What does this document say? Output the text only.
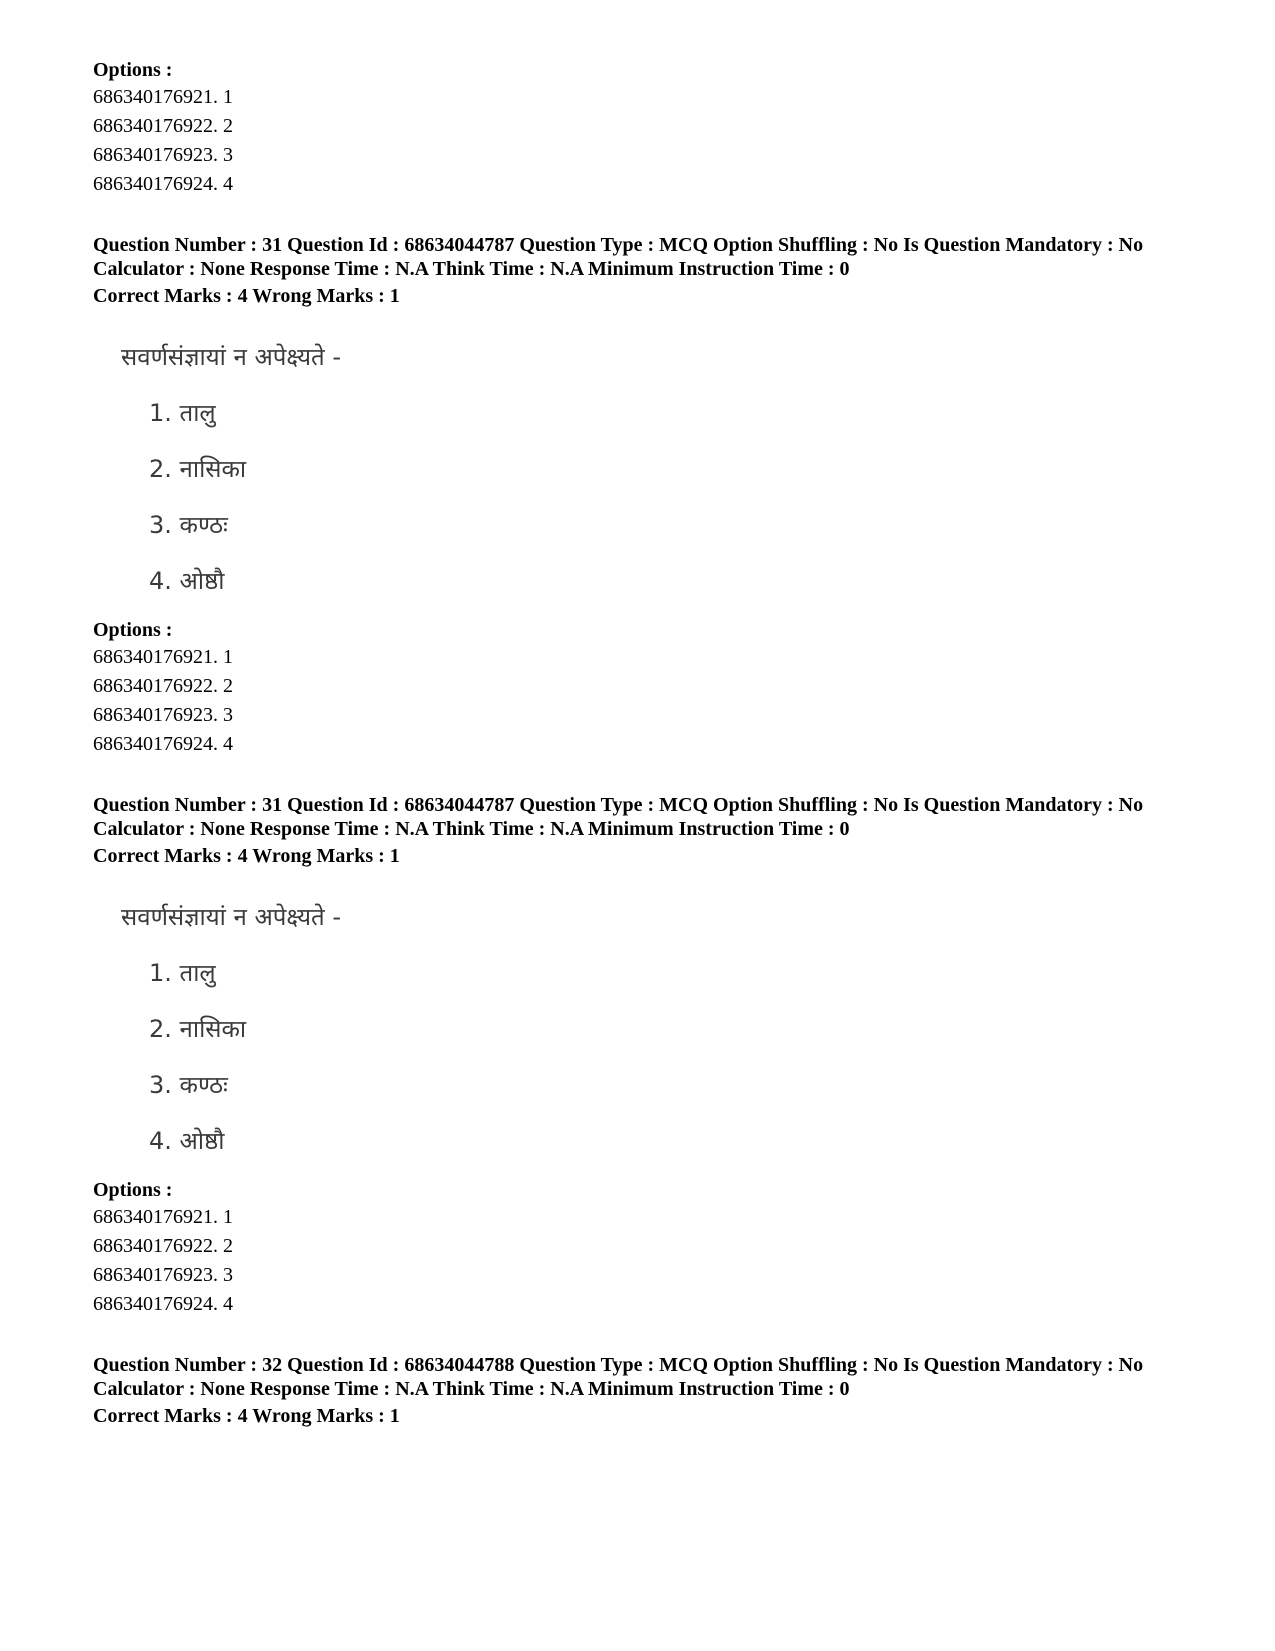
Options :
686340176921. 1
686340176922. 2
686340176923. 3
686340176924. 4
Question Number : 31 Question Id : 68634044787 Question Type : MCQ Option Shuffling : No Is Question Mandatory : No Calculator : None Response Time : N.A Think Time : N.A Minimum Instruction Time : 0
Correct Marks : 4 Wrong Marks : 1
सवर्णसंज्ञायां न अपेक्ष्यते -
1. तालु
2. नासिका
3. कण्ठः
4. ओष्ठौ
Options :
686340176921. 1
686340176922. 2
686340176923. 3
686340176924. 4
Question Number : 31 Question Id : 68634044787 Question Type : MCQ Option Shuffling : No Is Question Mandatory : No Calculator : None Response Time : N.A Think Time : N.A Minimum Instruction Time : 0
Correct Marks : 4 Wrong Marks : 1
सवर्णसंज्ञायां न अपेक्ष्यते -
1. तालु
2. नासिका
3. कण्ठः
4. ओष्ठौ
Options :
686340176921. 1
686340176922. 2
686340176923. 3
686340176924. 4
Question Number : 32 Question Id : 68634044788 Question Type : MCQ Option Shuffling : No Is Question Mandatory : No Calculator : None Response Time : N.A Think Time : N.A Minimum Instruction Time : 0
Correct Marks : 4 Wrong Marks : 1
